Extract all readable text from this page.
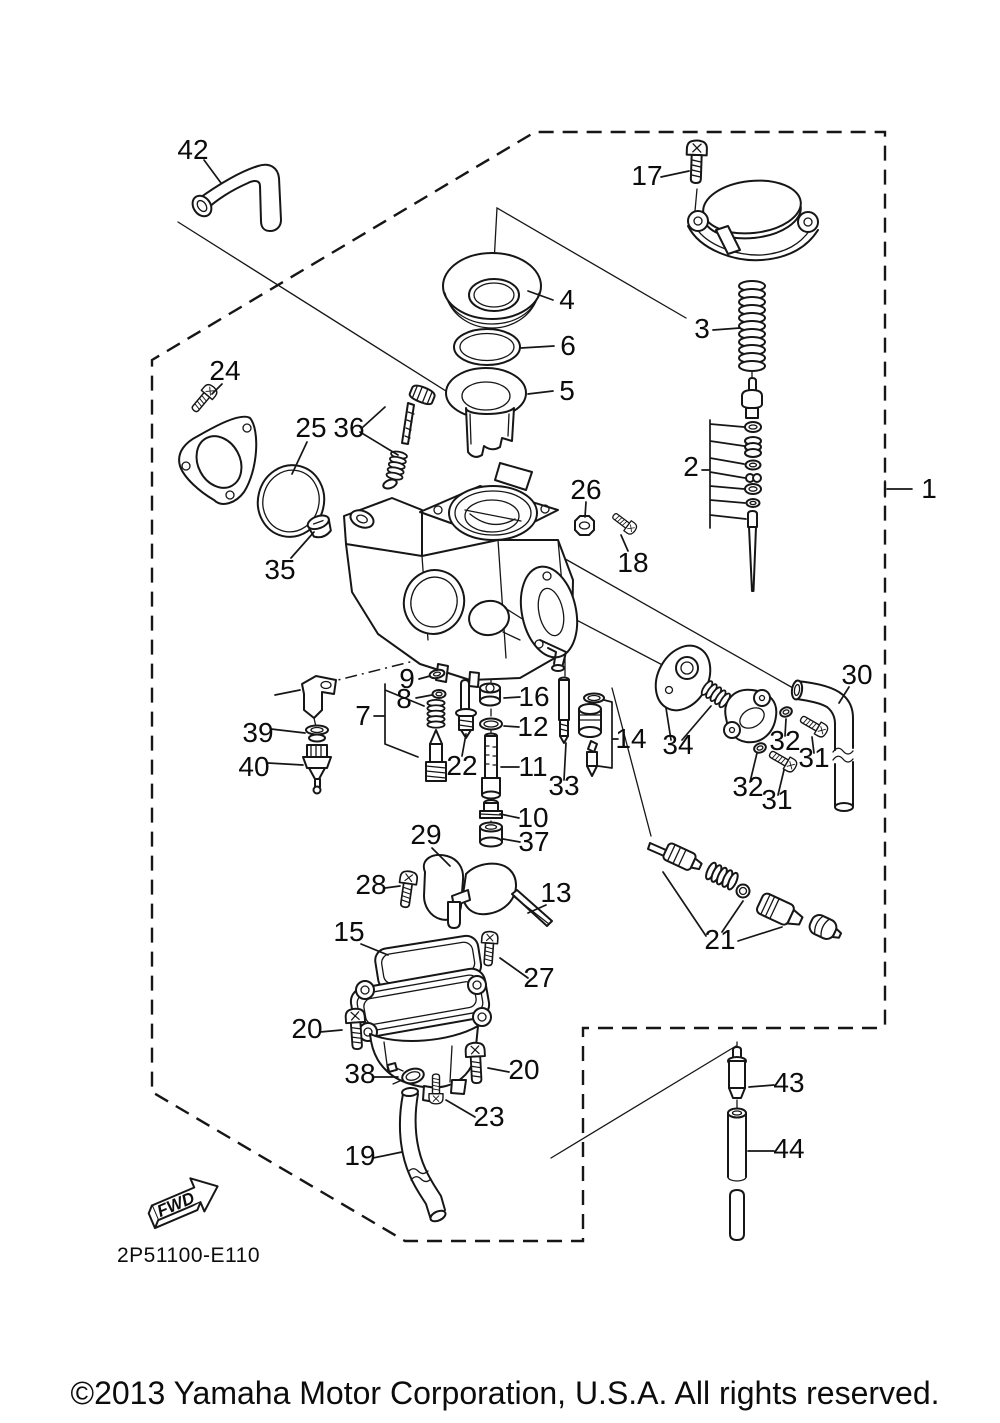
42
17
3
4
6
5
24
25 36
2
1
26
18
35
30
9
16
8
7	12
39	14	32
34	31
22 11
40
33	32
31
10
29	37
28	13
15	21
27
20
20
38
23
19
43
44
FWD
2P51100-E110
©2013 Yamaha Motor Corporation, U.S.A. All rights reserved.
